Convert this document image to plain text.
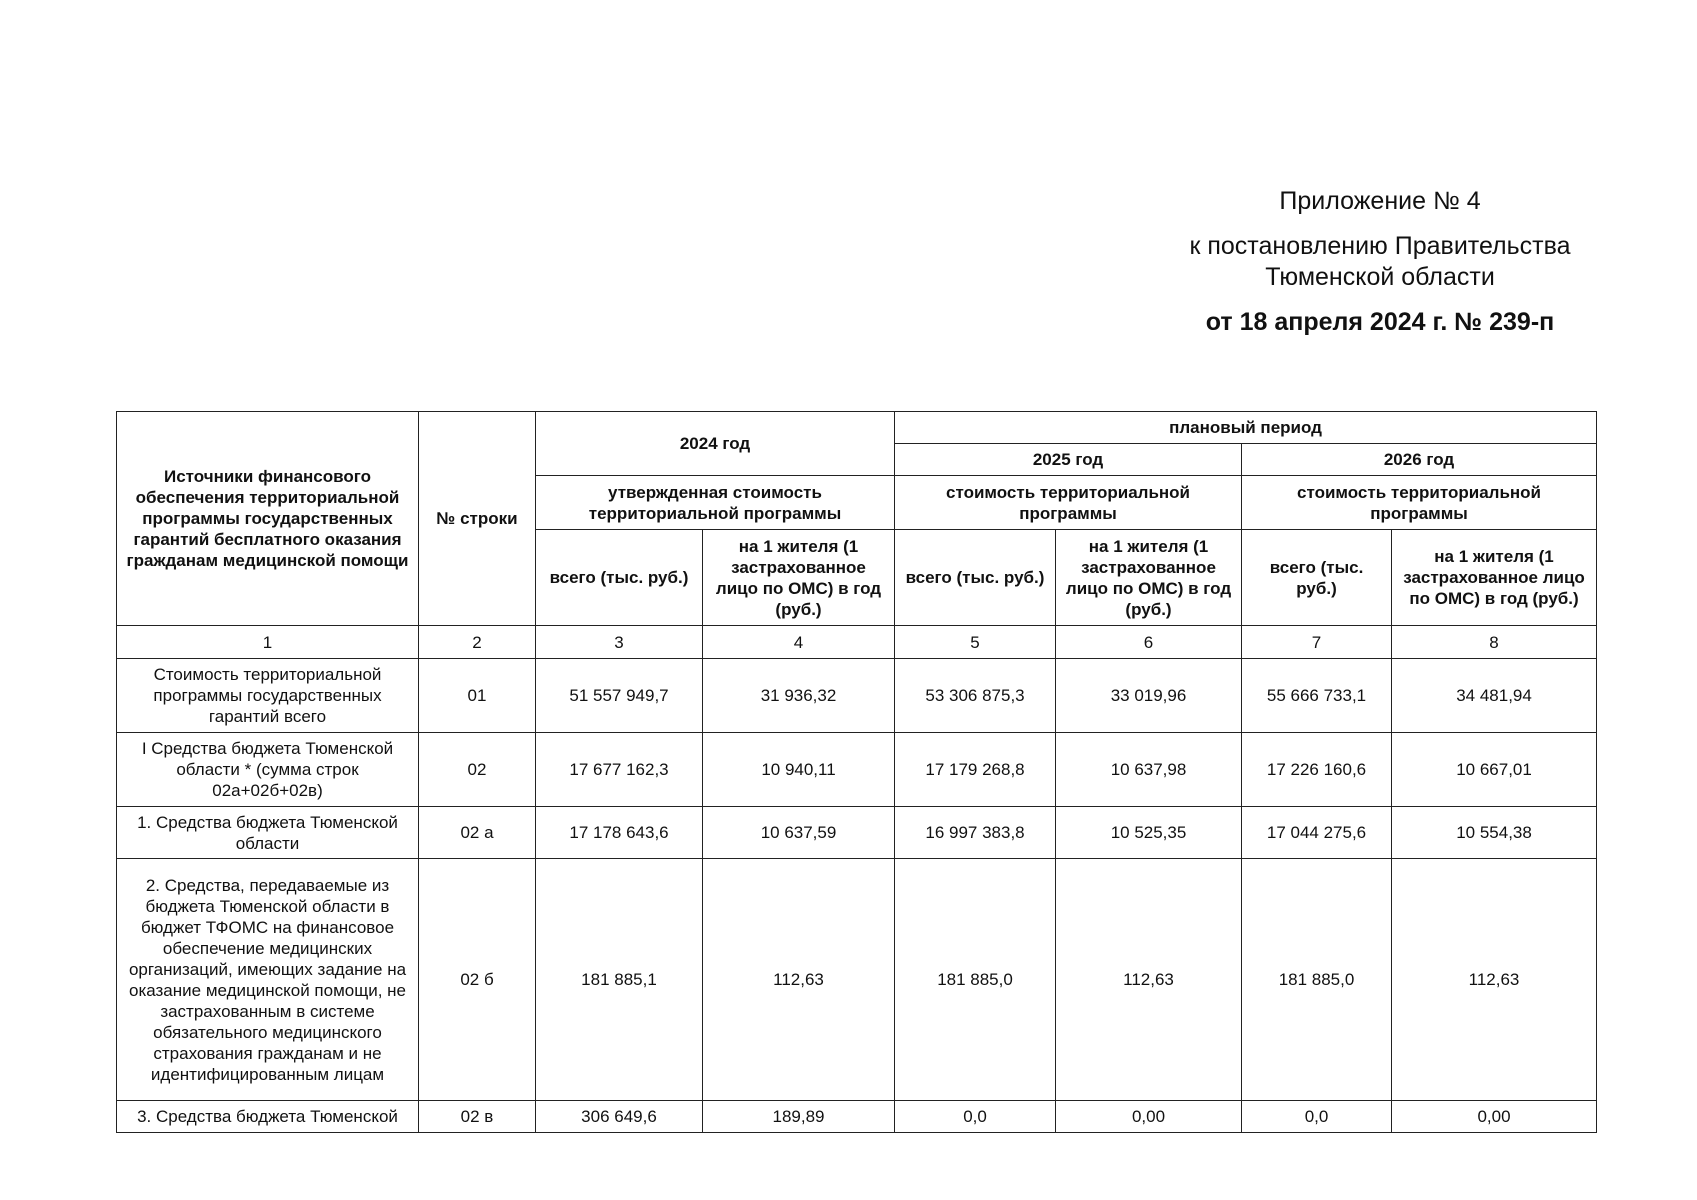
Приложение № 4
к постановлению Правительства
Тюменской области
от 18 апреля 2024 г. № 239-п
Источники финансового обеспечения территориальной программы государственных гарантий бесплатного оказания гражданам медицинской помощи	№ строки	2024 год		плановый период			
				2025 год		2026 год	
		утвержденная стоимость территориальной программы		стоимость территориальной программы		стоимость территориальной программы	
		всего (тыс. руб.)	на 1 жителя (1 застрахованное лицо по ОМС) в год (руб.)	всего (тыс. руб.)	на 1 жителя (1 застрахованное лицо по ОМС) в год (руб.)	всего (тыс. руб.)	на 1 жителя (1 застрахованное лицо по ОМС) в год (руб.)
1	2	3	4	5	6	7	8
Стоимость территориальной программы государственных гарантий всего	01	51 557 949,7	31 936,32	53 306 875,3	33 019,96	55 666 733,1	34 481,94
I Средства бюджета Тюменской области * (сумма строк 02а+02б+02в)	02	17 677 162,3	10 940,11	17 179 268,8	10 637,98	17 226 160,6	10 667,01
1. Средства бюджета Тюменской области	02 а	17 178 643,6	10 637,59	16 997 383,8	10 525,35	17 044 275,6	10 554,38
2. Средства, передаваемые из бюджета Тюменской области в бюджет ТФОМС на финансовое обеспечение медицинских организаций, имеющих задание на оказание медицинской помощи, не застрахованным в системе обязательного медицинского страхования гражданам и не идентифицированным лицам	02 б	181 885,1	112,63	181 885,0	112,63	181 885,0	112,63
3. Средства бюджета Тюменской	02 в	306 649,6	189,89	0,0	0,00	0,0	0,00
